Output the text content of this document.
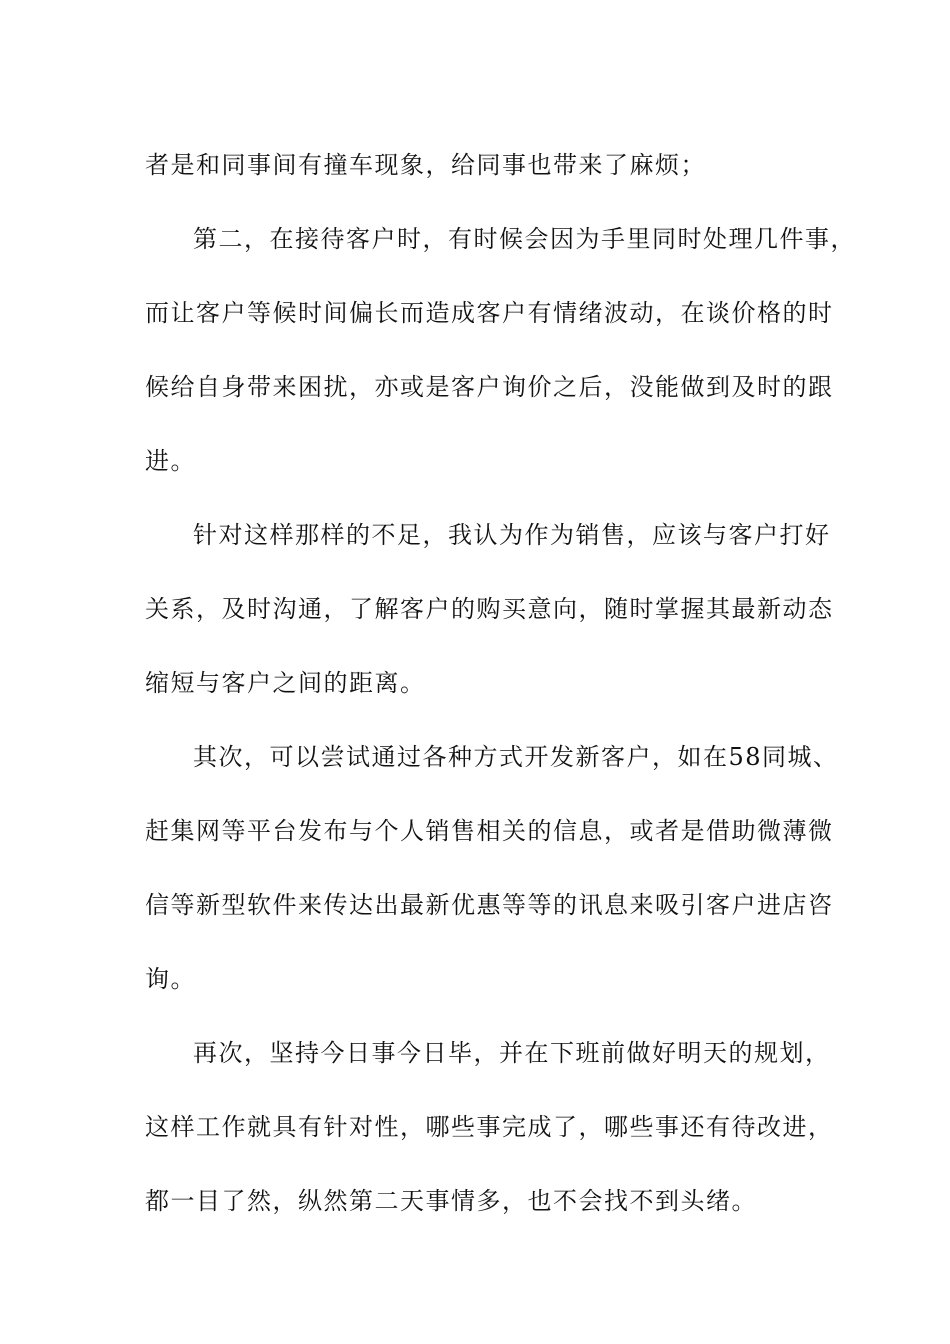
者是和同事间有撞车现象，给同事也带来了麻烦；

第二，在接待客户时，有时候会因为手里同时处理几件事，
而让客户等候时间偏长而造成客户有情绪波动，在谈价格的时
候给自身带来困扰，亦或是客户询价之后，没能做到及时的跟
进。

针对这样那样的不足，我认为作为销售，应该与客户打好
关系，及时沟通，了解客户的购买意向，随时掌握其最新动态
缩短与客户之间的距离。

其次，可以尝试通过各种方式开发新客户，如在58同城、
赶集网等平台发布与个人销售相关的信息，或者是借助微薄微
信等新型软件来传达出最新优惠等等的讯息来吸引客户进店咨
询。

再次，坚持今日事今日毕，并在下班前做好明天的规划，
这样工作就具有针对性，哪些事完成了，哪些事还有待改进，
都一目了然，纵然第二天事情多，也不会找不到头绪。
